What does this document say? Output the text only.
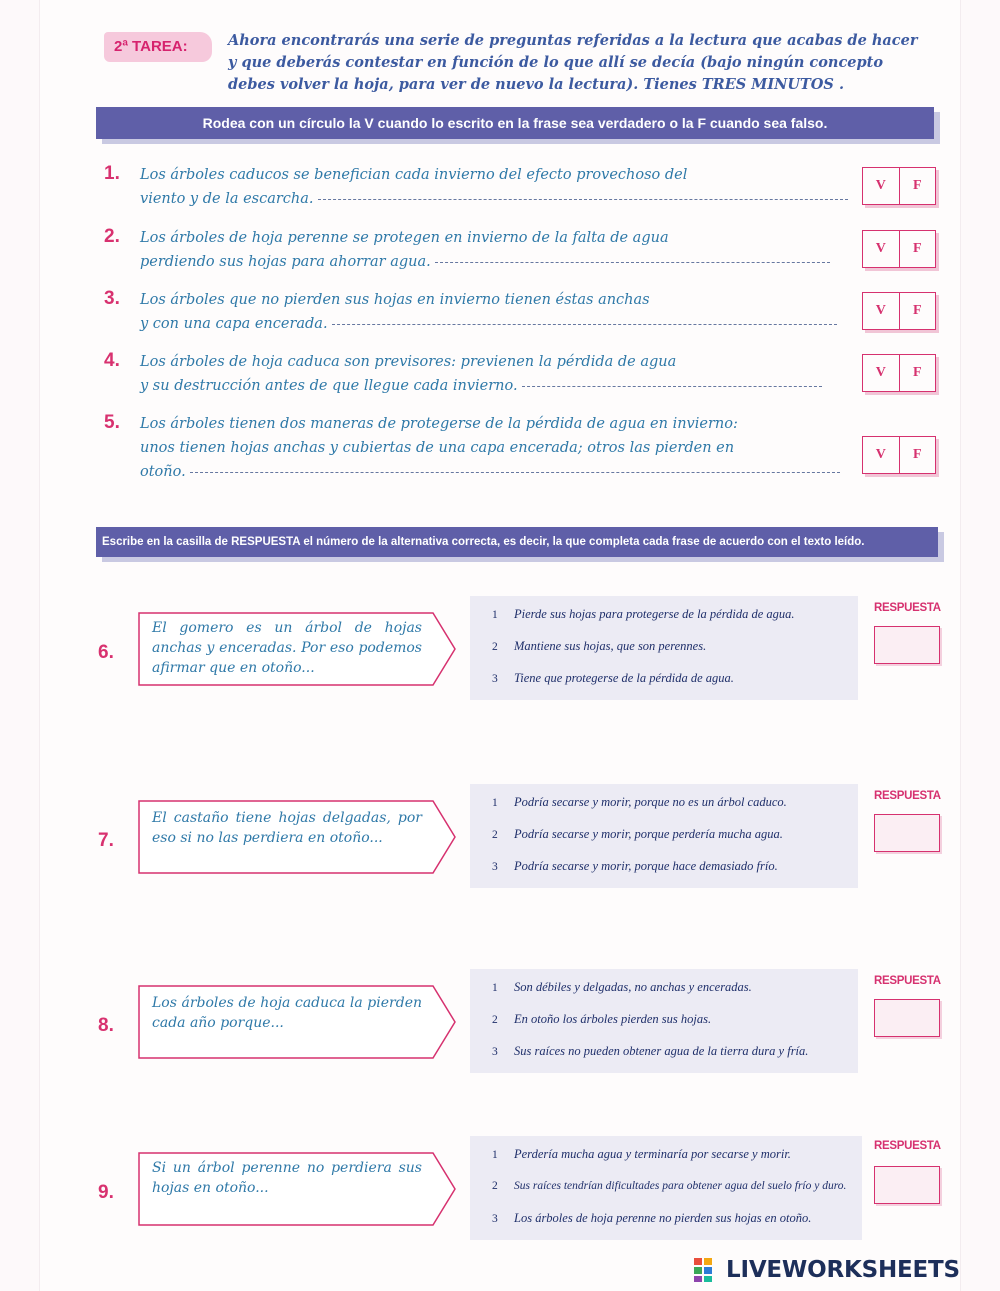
2ª TAREA:	Ahora encontrarás una serie de preguntas referidas a la lectura que acabas de hacer y que deberás contestar en función de lo que allí se decía (bajo ningún concepto debes volver la hoja, para ver de nuevo la lectura). Tienes TRES MINUTOS .
Rodea con un círculo la V cuando lo escrito en la frase sea verdadero o la F cuando sea falso.
1. Los árboles caducos se benefician cada invierno del efecto provechoso del
viento y de la escarcha.
V	F
2. Los árboles de hoja perenne se protegen en invierno de la falta de agua
perdiendo sus hojas para ahorrar agua.
V	F
3. Los árboles que no pierden sus hojas en invierno tienen éstas anchas
y con una capa encerada.
V	F
4. Los árboles de hoja caduca son previsores: previenen la pérdida de agua
y su destrucción antes de que llegue cada invierno.
V	F
5. Los árboles tienen dos maneras de protegerse de la pérdida de agua en invierno:
unos tienen hojas anchas y cubiertas de una capa encerada; otros las pierden en
otoño.
V	F
Escribe en la casilla de RESPUESTA el número de la alternativa correcta, es decir, la que completa cada frase de acuerdo con el texto leído.
6.
El gomero es un árbol de hojas anchas y enceradas. Por eso podemos afirmar que en otoño...
1 Pierde sus hojas para protegerse de la pérdida de agua.
2 Mantiene sus hojas, que son perennes.
3 Tiene que protegerse de la pérdida de agua.
RESPUESTA
7.
El castaño tiene hojas delgadas, por eso si no las perdiera en otoño...
1 Podría secarse y morir, porque no es un árbol caduco.
2 Podría secarse y morir, porque perdería mucha agua.
3 Podría secarse y morir, porque hace demasiado frío.
RESPUESTA
8.
Los árboles de hoja caduca la pierden cada año porque...
1 Son débiles y delgadas, no anchas y enceradas.
2 En otoño los árboles pierden sus hojas.
3 Sus raíces no pueden obtener agua de la tierra dura y fría.
RESPUESTA
9.
Si un árbol perenne no perdiera sus hojas en otoño...
1 Perdería mucha agua y terminaría por secarse y morir.
2 Sus raíces tendrían dificultades para obtener agua del suelo frío y duro.
3 Los árboles de hoja perenne no pierden sus hojas en otoño.
RESPUESTA
LIVEWORKSHEETS
